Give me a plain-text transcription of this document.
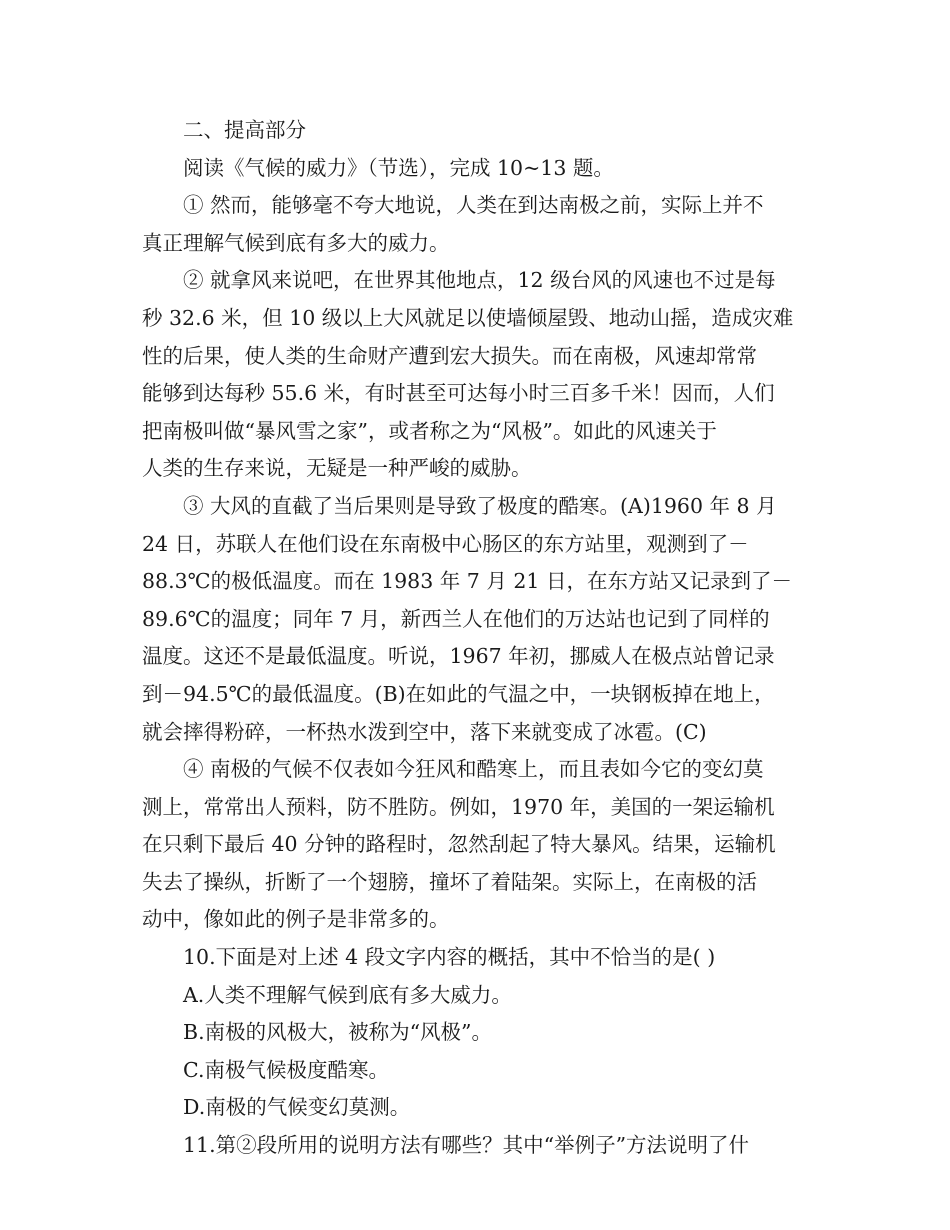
二、提高部分
阅读《气候的威力》（节选），完成 10~13 题。
① 然而，能够毫不夸大地说，人类在到达南极之前，实际上并不
真正理解气候到底有多大的威力。
② 就拿风来说吧，在世界其他地点，12 级台风的风速也不过是每
秒 32.6 米，但 10 级以上大风就足以使墙倾屋毁、地动山摇，造成灾难
性的后果，使人类的生命财产遭到宏大损失。而在南极，风速却常常
能够到达每秒 55.6 米，有时甚至可达每小时三百多千米！因而，人们
把南极叫做“暴风雪之家”，或者称之为“风极”。如此的风速关于
人类的生存来说，无疑是一种严峻的威胁。
③ 大风的直截了当后果则是导致了极度的酷寒。(A)1960 年 8 月
24 日，苏联人在他们设在东南极中心肠区的东方站里，观测到了－
88.3℃的极低温度。而在 1983 年 7 月 21 日，在东方站又记录到了－
89.6℃的温度；同年 7 月，新西兰人在他们的万达站也记到了同样的
温度。这还不是最低温度。听说，1967 年初，挪威人在极点站曾记录
到－94.5℃的最低温度。(B)在如此的气温之中，一块钢板掉在地上，
就会摔得粉碎，一杯热水泼到空中，落下来就变成了冰雹。(C)
④ 南极的气候不仅表如今狂风和酷寒上，而且表如今它的变幻莫
测上，常常出人预料，防不胜防。例如，1970 年，美国的一架运输机
在只剩下最后 40 分钟的路程时，忽然刮起了特大暴风。结果，运输机
失去了操纵，折断了一个翅膀，撞坏了着陆架。实际上，在南极的活
动中，像如此的例子是非常多的。
10.下面是对上述 4 段文字内容的概括，其中不恰当的是( )
A.人类不理解气候到底有多大威力。
B.南极的风极大，被称为“风极”。
C.南极气候极度酷寒。
D.南极的气候变幻莫测。
11.第②段所用的说明方法有哪些？其中“举例子”方法说明了什
